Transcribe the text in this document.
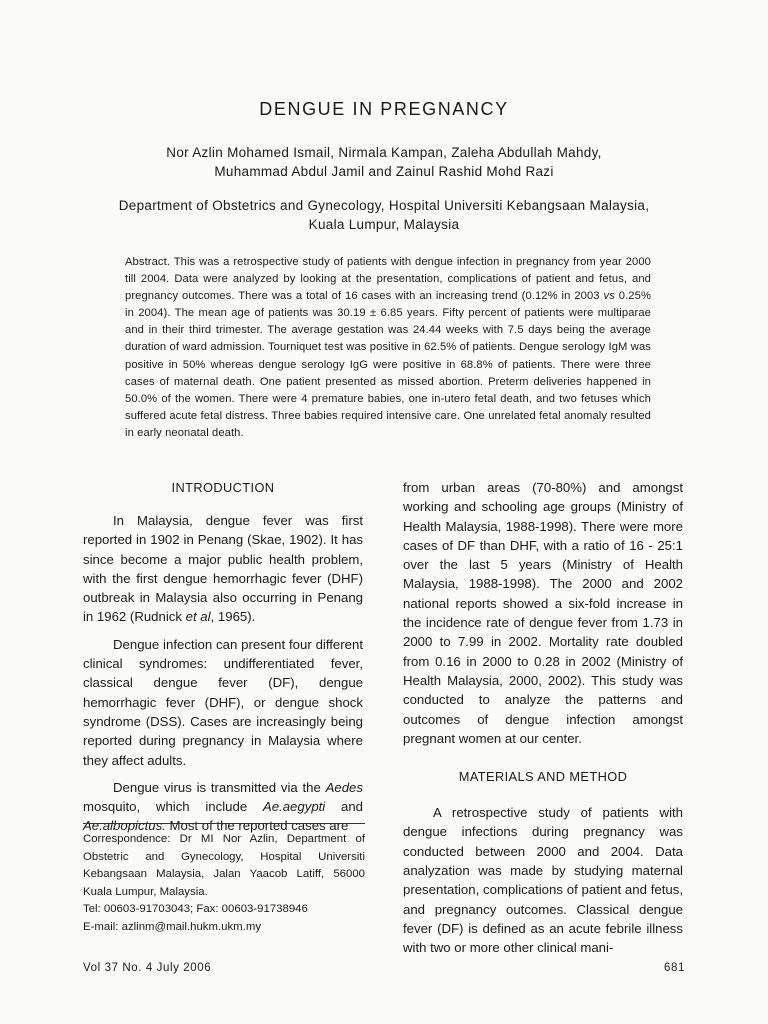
DENGUE IN PREGNANCY
Nor Azlin Mohamed Ismail, Nirmala Kampan, Zaleha Abdullah Mahdy,
Muhammad Abdul Jamil and Zainul Rashid Mohd Razi
Department of Obstetrics and Gynecology, Hospital Universiti Kebangsaan Malaysia,
Kuala Lumpur, Malaysia

Abstract. This was a retrospective study of patients with dengue infection in pregnancy from year 2000 till 2004. Data were analyzed by looking at the presentation, complications of patient and fetus, and pregnancy outcomes. There was a total of 16 cases with an increasing trend (0.12% in 2003 vs 0.25% in 2004). The mean age of patients was 30.19 ± 6.85 years. Fifty percent of patients were multiparae and in their third trimester. The average gestation was 24.44 weeks with 7.5 days being the average duration of ward admission. Tourniquet test was positive in 62.5% of patients. Dengue serology IgM was positive in 50% whereas dengue serology IgG were positive in 68.8% of patients. There were three cases of maternal death. One patient presented as missed abortion. Preterm deliveries happened in 50.0% of the women. There were 4 premature babies, one in-utero fetal death, and two fetuses which suffered acute fetal distress. Three babies required intensive care. One unrelated fetal anomaly resulted in early neonatal death.

INTRODUCTION

In Malaysia, dengue fever was first reported in 1902 in Penang (Skae, 1902). It has since become a major public health problem, with the first dengue hemorrhagic fever (DHF) outbreak in Malaysia also occurring in Penang in 1962 (Rudnick et al, 1965).

Dengue infection can present four different clinical syndromes: undifferentiated fever, classical dengue fever (DF), dengue hemorrhagic fever (DHF), or dengue shock syndrome (DSS). Cases are increasingly being reported during pregnancy in Malaysia where they affect adults.

Dengue virus is transmitted via the Aedes mosquito, which include Ae.aegypti and Ae.albopictus. Most of the reported cases are

Correspondence: Dr MI Nor Azlin, Department of Obstetric and Gynecology, Hospital Universiti Kebangsaan Malaysia, Jalan Yaacob Latiff, 56000 Kuala Lumpur, Malaysia.

Tel: 00603-91703043; Fax: 00603-91738946

E-mail: azlinm@mail.hukm.ukm.my

from urban areas (70-80%) and amongst working and schooling age groups (Ministry of Health Malaysia, 1988-1998). There were more cases of DF than DHF, with a ratio of 16 - 25:1 over the last 5 years (Ministry of Health Malaysia, 1988-1998). The 2000 and 2002 national reports showed a six-fold increase in the incidence rate of dengue fever from 1.73 in 2000 to 7.99 in 2002. Mortality rate doubled from 0.16 in 2000 to 0.28 in 2002 (Ministry of Health Malaysia, 2000, 2002). This study was conducted to analyze the patterns and outcomes of dengue infection amongst pregnant women at our center.

MATERIALS AND METHOD

A retrospective study of patients with dengue infections during pregnancy was conducted between 2000 and 2004. Data analyzation was made by studying maternal presentation, complications of patient and fetus, and pregnancy outcomes. Classical dengue fever (DF) is defined as an acute febrile illness with two or more other clinical mani-

Vol 37 No. 4 July 2006	681
